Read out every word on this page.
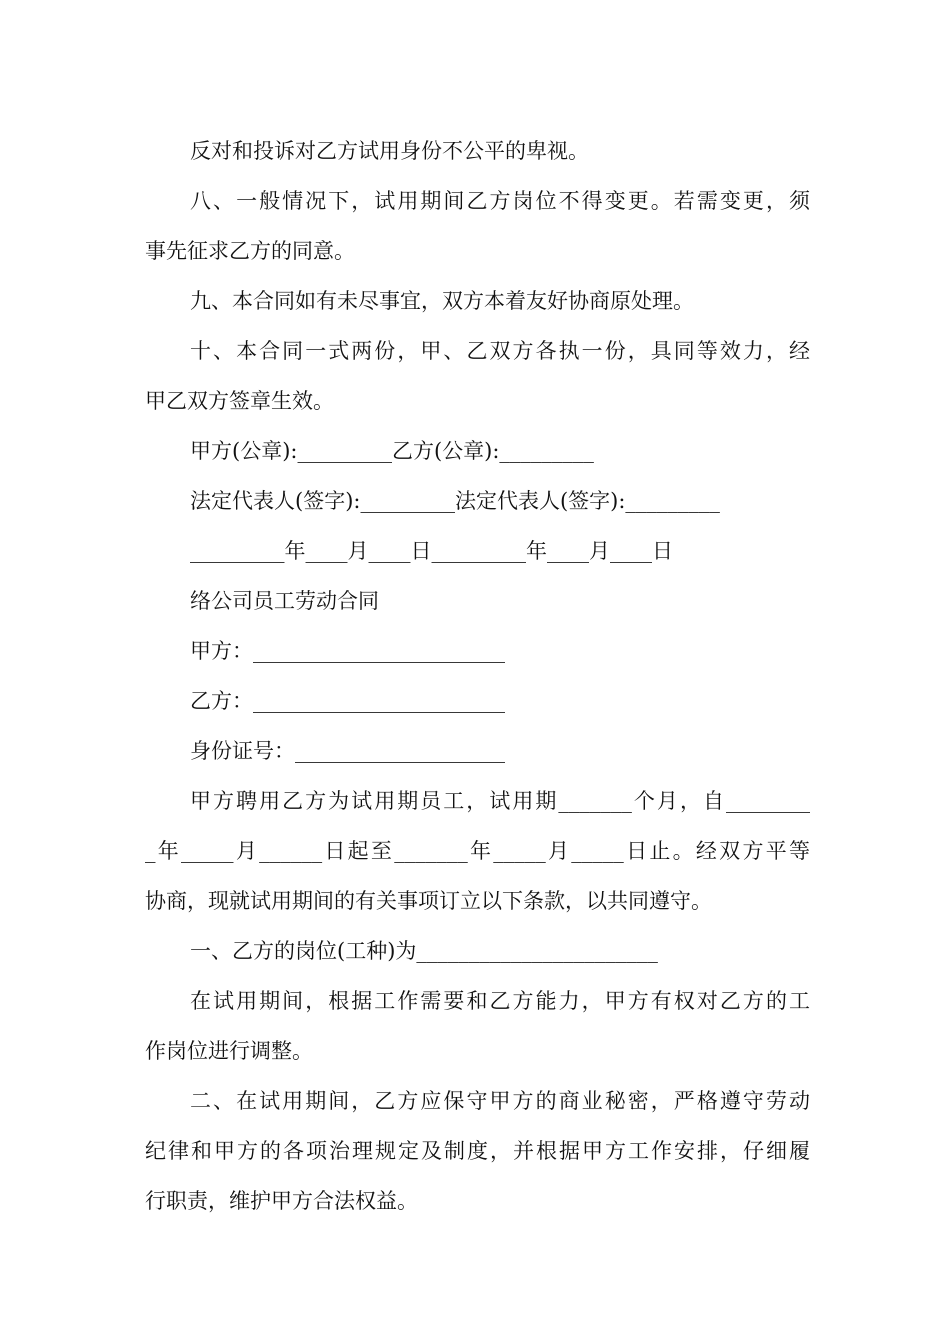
反对和投诉对乙方试用身份不公平的卑视。
八、一般情况下，试用期间乙方岗位不得变更。若需变更，须
事先征求乙方的同意。
九、本合同如有未尽事宜，双方本着友好协商原处理。
十、本合同一式两份，甲、乙双方各执一份，具同等效力，经
甲乙双方签章生效。
甲方(公章):_________乙方(公章):_________
法定代表人(签字):_________法定代表人(签字):_________
_________年____月____日_________年____月____日
络公司员工劳动合同
甲方：________________________
乙方：________________________
身份证号：____________________
甲方聘用乙方为试用期员工，试用期_______个月，自________
_年_____月______日起至_______年_____月_____日止。经双方平等
协商，现就试用期间的有关事项订立以下条款，以共同遵守。
一、乙方的岗位(工种)为_______________________
在试用期间，根据工作需要和乙方能力，甲方有权对乙方的工
作岗位进行调整。
二、在试用期间，乙方应保守甲方的商业秘密，严格遵守劳动
纪律和甲方的各项治理规定及制度，并根据甲方工作安排，仔细履
行职责，维护甲方合法权益。
